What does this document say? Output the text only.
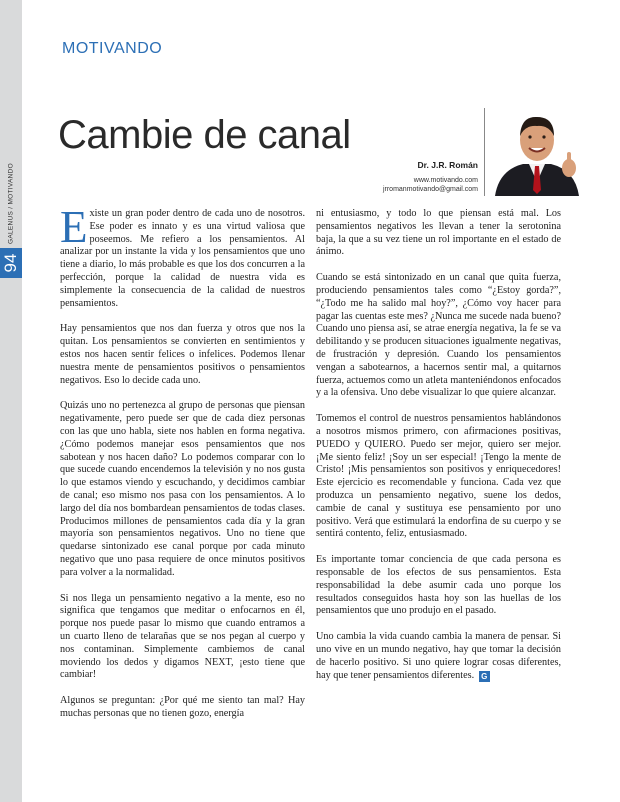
GALENUS / MOTIVANDO
94
MOTIVANDO
Cambie de canal
Dr. J.R. Román
www.motivando.com
jrromanmotivando@gmail.com

Existe un gran poder dentro de cada uno de nosotros. Ese poder es innato y es una virtud valiosa que poseemos. Me refiero a los pensamientos. Al analizar por un instante la vida y los pensamientos que uno tiene a diario, lo más probable es que los dos concurren a la perfección, porque la calidad de nuestra vida es simplemente la consecuencia de la calidad de nuestros pensamientos.

Hay pensamientos que nos dan fuerza y otros que nos la quitan. Los pensamientos se convierten en sentimientos y estos nos hacen sentir felices o infelices. Podemos llenar nuestra mente de pensamientos positivos o pensamientos negativos. Eso lo decide cada uno.

Quizás uno no pertenezca al grupo de personas que piensan negativamente, pero puede ser que de cada diez personas con las que uno habla, siete nos hablen en forma negativa. ¿Cómo podemos manejar esos pensamientos que nos sabotean y nos hacen daño? Lo podemos comparar con lo que sucede cuando encendemos la televisión y no nos gusta lo que estamos viendo y escuchando, y decidimos cambiar de canal; eso mismo nos pasa con los pensamientos. A lo largo del día nos bombardean pensamientos de todas clases. Producimos millones de pensamientos cada día y la gran mayoría son pensamientos negativos. Uno no tiene que quedarse sintonizado ese canal porque por cada minuto negativo que uno pasa requiere de once minutos positivos para volver a la normalidad.

Si nos llega un pensamiento negativo a la mente, eso no significa que tengamos que meditar o enfocarnos en él, porque nos puede pasar lo mismo que cuando entramos a un cuarto lleno de telarañas que se nos pegan al cuerpo y nos contaminan. Simplemente cambiemos de canal moviendo los dedos y digamos NEXT, ¡esto tiene que cambiar!

Algunos se preguntan: ¿Por qué me siento tan mal? Hay muchas personas que no tienen gozo, energía

ni entusiasmo, y todo lo que piensan está mal. Los pensamientos negativos les llevan a tener la serotonina baja, la que a su vez tiene un rol importante en el estado de ánimo.

Cuando se está sintonizado en un canal que quita fuerza, produciendo pensamientos tales como “¿Estoy gorda?”, “¿Todo me ha salido mal hoy?”, ¿Cómo voy hacer para pagar las cuentas este mes? ¿Nunca me sucede nada bueno? Cuando uno piensa así, se atrae energía negativa, la fe se va debilitando y se producen situaciones igualmente negativas, de frustración y depresión. Cuando los pensamientos vengan a sabotearnos, a hacernos sentir mal, a quitarnos fuerza, actuemos como un atleta manteniéndonos enfocados y a la ofensiva. Uno debe visualizar lo que quiere alcanzar.

Tomemos el control de nuestros pensamientos hablándonos a nosotros mismos primero, con afirmaciones positivas, PUEDO y QUIERO. Puedo ser mejor, quiero ser mejor. ¡Me siento feliz! ¡Soy un ser especial! ¡Tengo la mente de Cristo! ¡Mis pensamientos son positivos y enriquecedores! Este ejercicio es recomendable y funciona. Cada vez que produzca un pensamiento negativo, suene los dedos, cambie de canal y sustituya ese pensamiento por uno positivo. Verá que estimulará la endorfina de su cuerpo y se sentirá contento, feliz, entusiasmado.

Es importante tomar conciencia de que cada persona es responsable de los efectos de sus pensamientos. Esta responsabilidad la debe asumir cada uno porque los resultados conseguidos hasta hoy son las huellas de los pensamientos que uno produjo en el pasado.

Uno cambia la vida cuando cambia la manera de pensar. Si uno vive en un mundo negativo, hay que tomar la decisión de hacerlo positivo. Si uno quiere lograr cosas diferentes, hay que tener pensamientos diferentes. G
